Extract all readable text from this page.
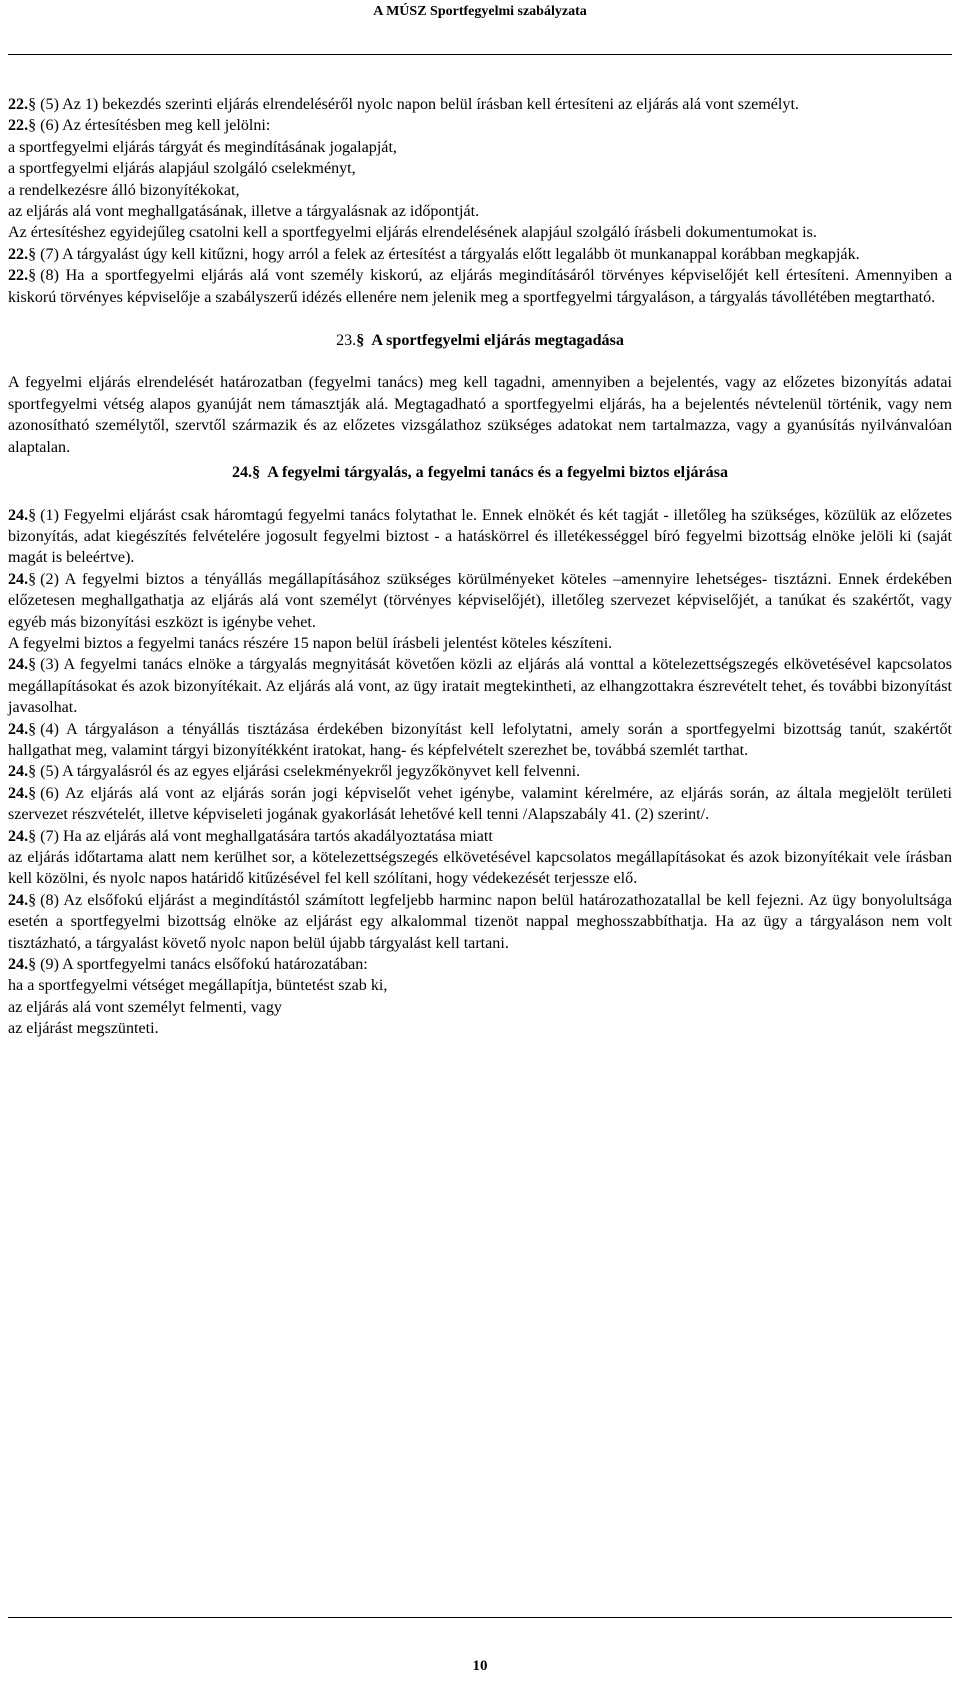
A MÚSZ Sportfegyelmi szabályzata

22.§ (5) Az 1) bekezdés szerinti eljárás elrendeléséről nyolc napon belül írásban kell értesíteni az eljárás alá vont személyt.

22.§ (6) Az értesítésben meg kell jelölni:

a sportfegyelmi eljárás tárgyát és megindításának jogalapját,

a sportfegyelmi eljárás alapjául szolgáló cselekményt,

a rendelkezésre álló bizonyítékokat,

az eljárás alá vont meghallgatásának, illetve a tárgyalásnak az időpontját.

Az értesítéshez egyidejűleg csatolni kell a sportfegyelmi eljárás elrendelésének alapjául szolgáló írásbeli dokumentumokat is.

22.§ (7) A tárgyalást úgy kell kitűzni, hogy arról a felek az értesítést a tárgyalás előtt legalább öt munkanappal korábban megkapják.

22.§ (8) Ha a sportfegyelmi eljárás alá vont személy kiskorú, az eljárás megindításáról törvényes képviselőjét kell értesíteni. Amennyiben a kiskorú törvényes képviselője a szabályszerű idézés ellenére nem jelenik meg a sportfegyelmi tárgyaláson, a tárgyalás távollétében megtartható.

23.§ A sportfegyelmi eljárás megtagadása

A fegyelmi eljárás elrendelését határozatban (fegyelmi tanács) meg kell tagadni, amennyiben a bejelentés, vagy az előzetes bizonyítás adatai sportfegyelmi vétség alapos gyanúját nem támasztják alá. Megtagadható a sportfegyelmi eljárás, ha a bejelentés névtelenül történik, vagy nem azonosítható személytől, szervtől származik és az előzetes vizsgálathoz szükséges adatokat nem tartalmazza, vagy a gyanúsítás nyilvánvalóan alaptalan.

24.§ A fegyelmi tárgyalás, a fegyelmi tanács és a fegyelmi biztos eljárása

24.§ (1) Fegyelmi eljárást csak háromtagú fegyelmi tanács folytathat le. Ennek elnökét és két tagját - illetőleg ha szükséges, közülük az előzetes bizonyítás, adat kiegészítés felvételére jogosult fegyelmi biztost - a hatáskörrel és illetékességgel bíró fegyelmi bizottság elnöke jelöli ki (saját magát is beleértve).

24.§ (2) A fegyelmi biztos a tényállás megállapításához szükséges körülményeket köteles –amennyire lehetséges- tisztázni. Ennek érdekében előzetesen meghallgathatja az eljárás alá vont személyt (törvényes képviselőjét), illetőleg szervezet képviselőjét, a tanúkat és szakértőt, vagy egyéb más bizonyítási eszközt is igénybe vehet.

A fegyelmi biztos a fegyelmi tanács részére 15 napon belül írásbeli jelentést köteles készíteni.

24.§ (3) A fegyelmi tanács elnöke a tárgyalás megnyitását követően közli az eljárás alá vonttal a kötelezettségszegés elkövetésével kapcsolatos megállapításokat és azok bizonyítékait. Az eljárás alá vont, az ügy iratait megtekintheti, az elhangzottakra észrevételt tehet, és további bizonyítást javasolhat.

24.§ (4) A tárgyaláson a tényállás tisztázása érdekében bizonyítást kell lefolytatni, amely során a sportfegyelmi bizottság tanút, szakértőt hallgathat meg, valamint tárgyi bizonyítékként iratokat, hang- és képfelvételt szerezhet be, továbbá szemlét tarthat.

24.§ (5) A tárgyalásról és az egyes eljárási cselekményekről jegyzőkönyvet kell felvenni.

24.§ (6) Az eljárás alá vont az eljárás során jogi képviselőt vehet igénybe, valamint kérelmére, az eljárás során, az általa megjelölt területi szervezet részvételét, illetve képviseleti jogának gyakorlását lehetővé kell tenni /Alapszabály 41. (2) szerint/.

24.§ (7) Ha az eljárás alá vont meghallgatására tartós akadályoztatása miatt

az eljárás időtartama alatt nem kerülhet sor, a kötelezettségszegés elkövetésével kapcsolatos megállapításokat és azok bizonyítékait vele írásban kell közölni, és nyolc napos határidő kitűzésével fel kell szólítani, hogy védekezését terjessze elő.

24.§ (8) Az elsőfokú eljárást a megindítástól számított legfeljebb harminc napon belül határozathozatallal be kell fejezni. Az ügy bonyolultsága esetén a sportfegyelmi bizottság elnöke az eljárást egy alkalommal tizenöt nappal meghosszabbíthatja. Ha az ügy a tárgyaláson nem volt tisztázható, a tárgyalást követő nyolc napon belül újabb tárgyalást kell tartani.

24.§ (9) A sportfegyelmi tanács elsőfokú határozatában:

ha a sportfegyelmi vétséget megállapítja, büntetést szab ki,

az eljárás alá vont személyt felmenti, vagy

az eljárást megszünteti.

10
